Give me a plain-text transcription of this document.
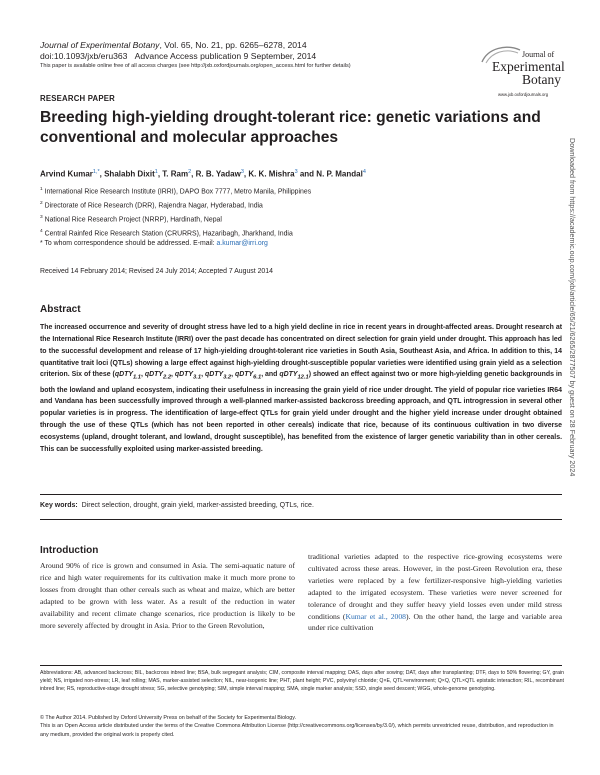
Journal of Experimental Botany, Vol. 65, No. 21, pp. 6265–6278, 2014
doi:10.1093/jxb/eru363 Advance Access publication 9 September, 2014
This paper is available online free of all access charges (see http://jxb.oxfordjournals.org/open_access.html for further details)
Journal of
Experimental
Botany
www.jxb.oxfordjournals.org
RESEARCH PAPER
Breeding high-yielding drought-tolerant rice: genetic variations and conventional and molecular approaches
Arvind Kumar$^{1,*}$, Shalabh Dixit$^1$, T. Ram$^2$, R. B. Yadaw$^3$, K. K. Mishra$^3$ and N. P. Mandal$^4$
$^1$ International Rice Research Institute (IRRI), DAPO Box 7777, Metro Manila, Philippines
$^2$ Directorate of Rice Research (DRR), Rajendra Nagar, Hyderabad, India
$^3$ National Rice Research Project (NRRP), Hardinath, Nepal
$^4$ Central Rainfed Rice Research Station (CRURRS), Hazaribagh, Jharkhand, India
* To whom correspondence should be addressed. E-mail: a.kumar@irri.org
Received 14 February 2014; Revised 24 July 2014; Accepted 7 August 2014
Abstract
The increased occurrence and severity of drought stress have led to a high yield decline in rice in recent years in drought-affected areas. Drought research at the International Rice Research Institute (IRRI) over the past decade has concentrated on direct selection for grain yield under drought. This approach has led to the successful development and release of 17 high-yielding drought-tolerant rice varieties in South Asia, Southeast Asia, and Africa. In addition to this, 14 quantitative trait loci (QTLs) showing a large effect against high-yielding drought-susceptible popular varieties were identified using grain yield as a selection criterion. Six of these (qDTY$_{1.1}$, qDTY$_{2.2}$, qDTY$_{3.1}$, qDTY$_{3.2}$, qDTY$_{6.1}$, and qDTY$_{12.1}$) showed an effect against two or more high-yielding genetic backgrounds in both the lowland and upland ecosystem, indicating their usefulness in increasing the grain yield of rice under drought. The yield of popular rice varieties IR64 and Vandana has been successfully improved through a well-planned marker-assisted backcross breeding approach, and QTL introgression in several other popular varieties is in progress. The identification of large-effect QTLs for grain yield under drought and the higher yield increase under drought obtained through the use of these QTLs (which has not been reported in other cereals) indicate that rice, because of its continuous cultivation in two diverse ecosystems (upland, drought tolerant, and lowland, drought susceptible), has benefited from the existence of larger genetic variability than in other cereals. This can be successfully exploited using marker-assisted breeding.
Key words: Direct selection, drought, grain yield, marker-assisted breeding, QTLs, rice.
Introduction
Around 90% of rice is grown and consumed in Asia. The semi-aquatic nature of rice and high water requirements for its cultivation make it much more prone to losses from drought than other cereals such as wheat and maize, which are better adapted to be grown with less water. As a result of the reduction in water availability and recent climate change scenarios, rice production is likely to be more severely affected by drought in Asia. Prior to the Green Revolution,
traditional varieties adapted to the respective rice-growing ecosystems were cultivated across these areas. However, in the post-Green Revolution era, these varieties were replaced by a few fertilizer-responsive high-yielding varieties adapted to the irrigated ecosystem. These varieties were never screened for tolerance of drought and they suffer heavy yield losses even under mild stress conditions (Kumar et al., 2008). On the other hand, the large and variable area under rice cultivation
Abbreviations: AB, advanced backcross; BIL, backcross inbred line; BSA, bulk segregant analysis; CIM, composite interval mapping; DAS, days after sowing; DAT, days after transplanting; DTF, days to 50% flowering; GY, grain yield; NS, irrigated non-stress; LR, leaf rolling; MAS, marker-assisted selection; NIL, near-isogenic line; PHT, plant height; PVC, polyvinyl chloride; Q×E, QTL×environment; Q×Q, QTL×QTL epistatic interaction; RIL, recombinant inbred line; RS, reproductive-stage drought stress; SG, selective genotyping; SIM, simple interval mapping; SMA, single marker analysis; SSD, single seed descent; WGG, whole-genome genotyping.
© The Author 2014. Published by Oxford University Press on behalf of the Society for Experimental Biology.
This is an Open Access article distributed under the terms of the Creative Commons Attribution License (http://creativecommons.org/licenses/by/3.0/), which permits unrestricted reuse, distribution, and reproduction in any medium, provided the original work is properly cited.
Downloaded from https://academic.oup.com/jxb/article/65/21/6265/2877507 by guest on 28 February 2024
